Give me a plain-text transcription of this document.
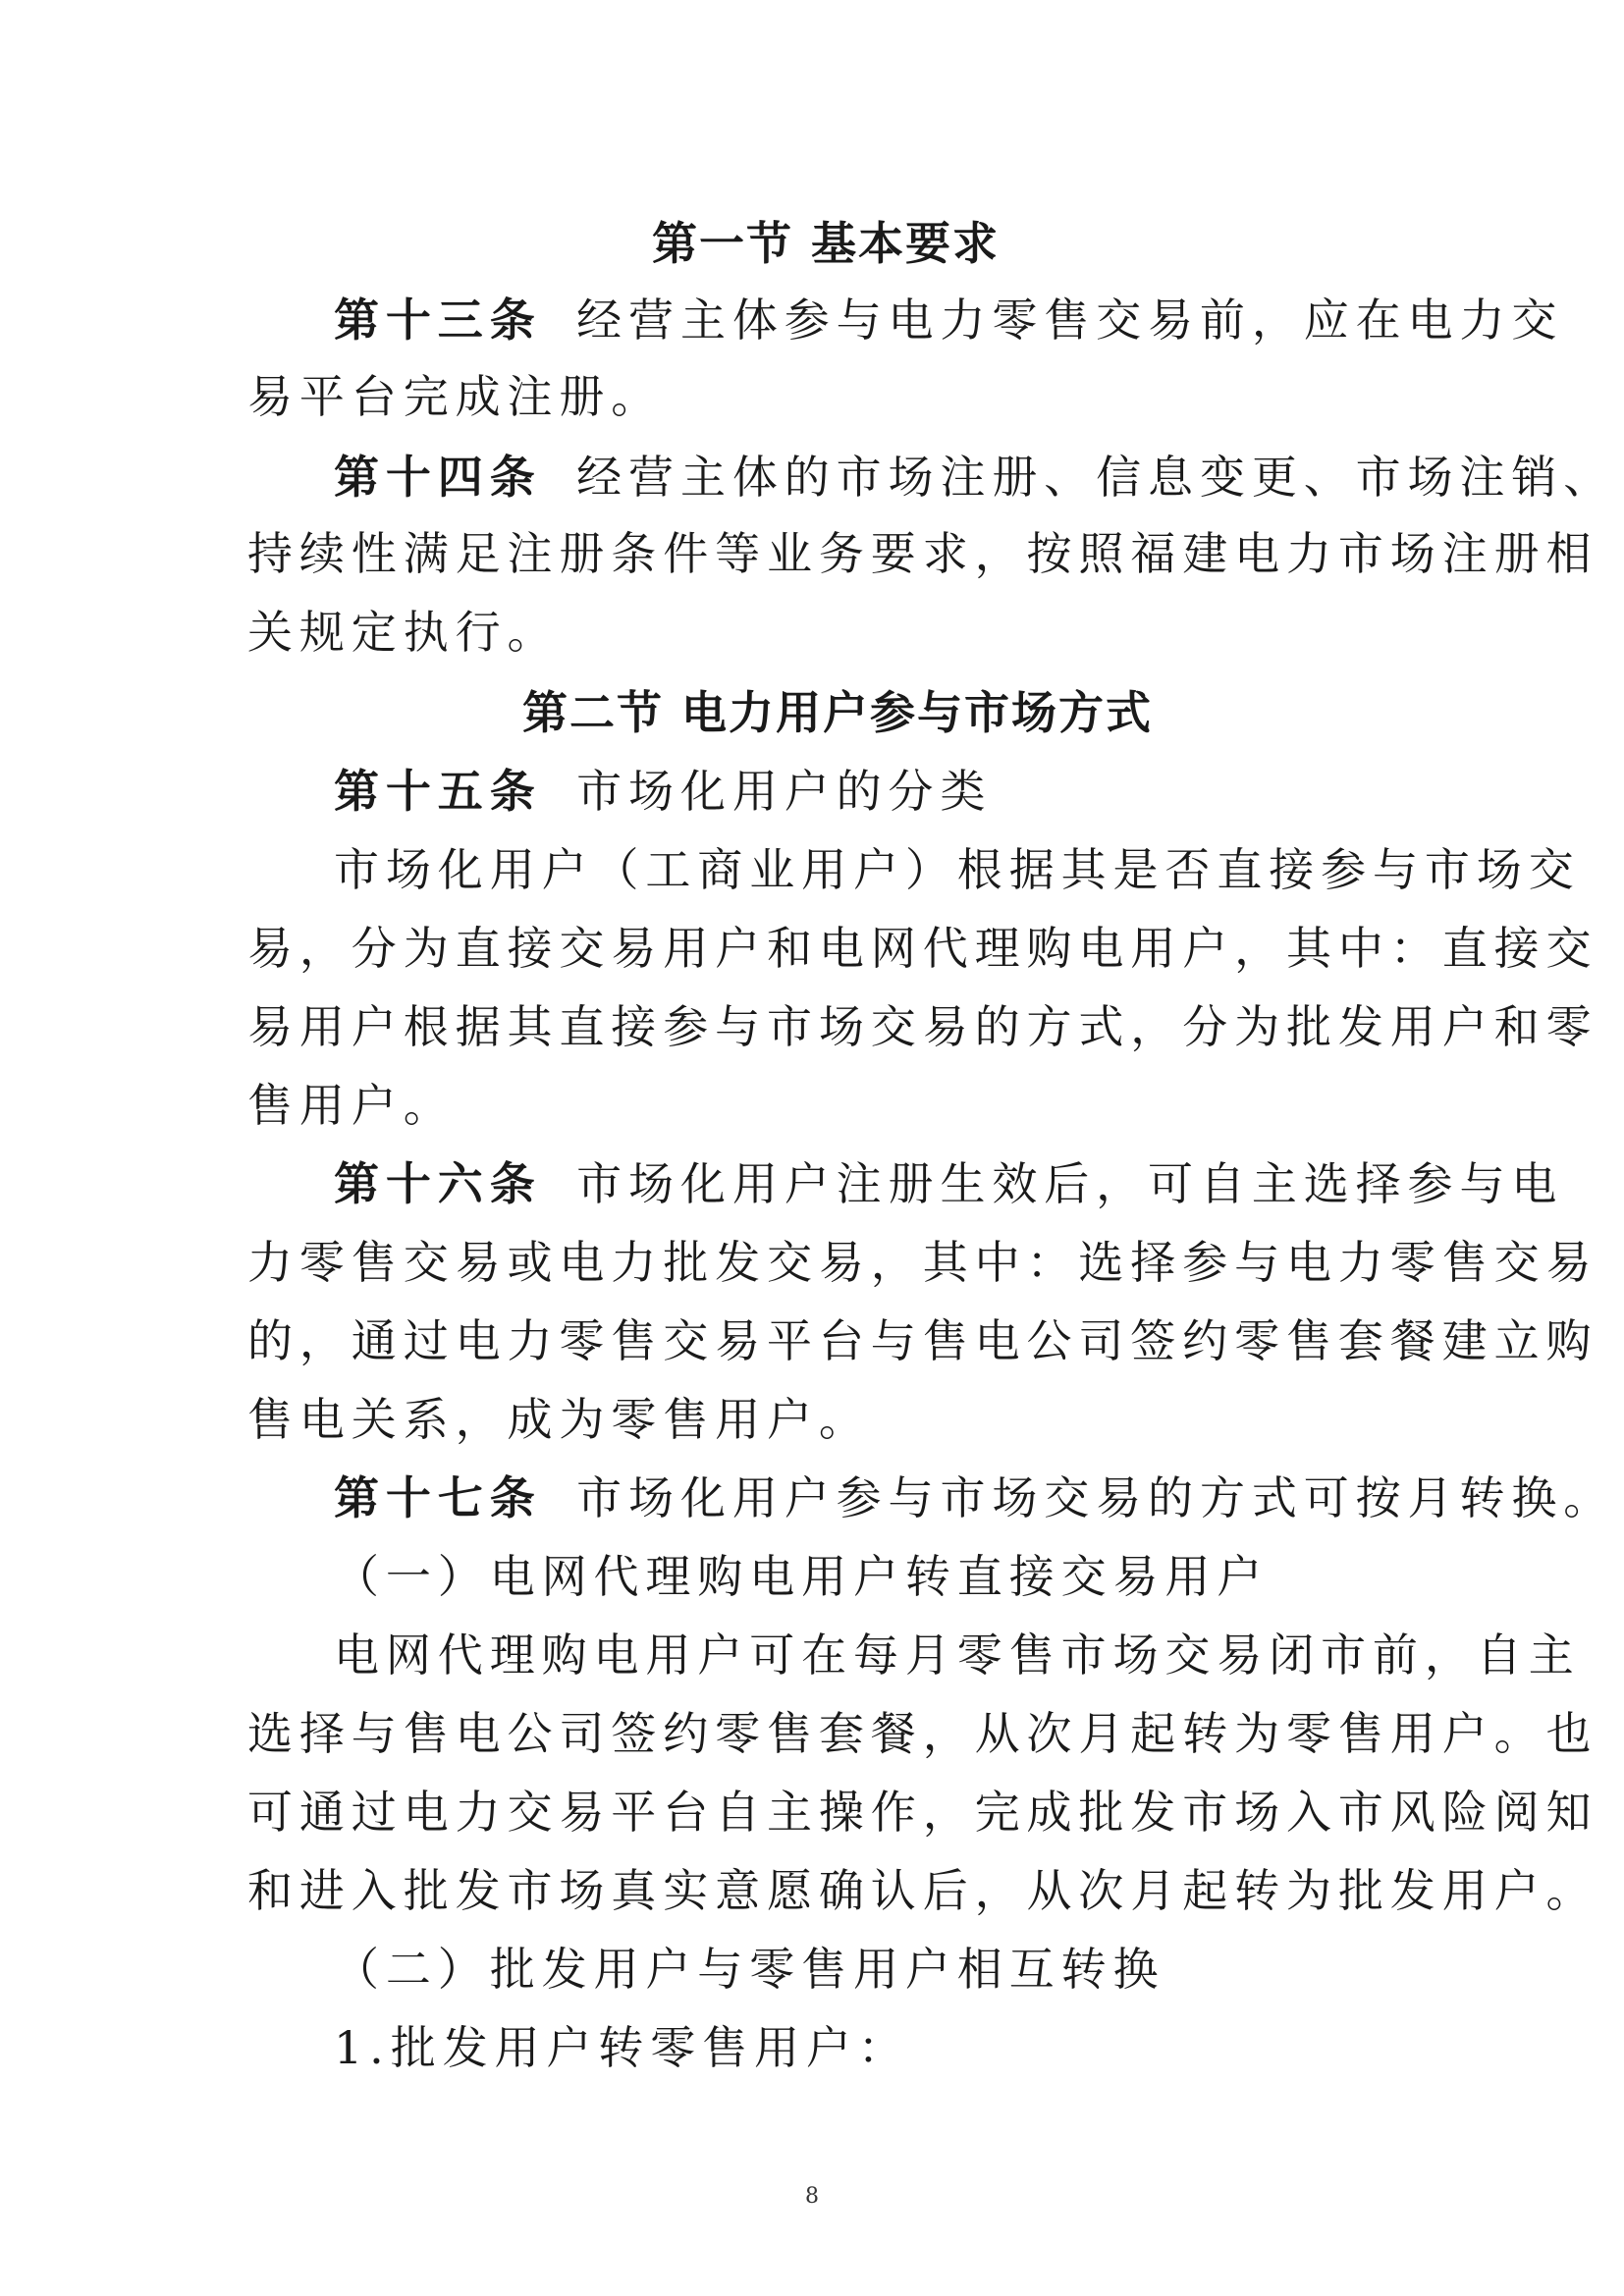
第一节 基本要求
第十三条 经营主体参与电力零售交易前，应在电力交
易平台完成注册。
第十四条 经营主体的市场注册、信息变更、市场注销、
持续性满足注册条件等业务要求，按照福建电力市场注册相
关规定执行。
第二节 电力用户参与市场方式
第十五条 市场化用户的分类
市场化用户（工商业用户）根据其是否直接参与市场交
易，分为直接交易用户和电网代理购电用户，其中：直接交
易用户根据其直接参与市场交易的方式，分为批发用户和零
售用户。
第十六条 市场化用户注册生效后，可自主选择参与电
力零售交易或电力批发交易，其中：选择参与电力零售交易
的，通过电力零售交易平台与售电公司签约零售套餐建立购
售电关系，成为零售用户。
第十七条 市场化用户参与市场交易的方式可按月转换。
（一）电网代理购电用户转直接交易用户
电网代理购电用户可在每月零售市场交易闭市前，自主
选择与售电公司签约零售套餐，从次月起转为零售用户。也
可通过电力交易平台自主操作，完成批发市场入市风险阅知
和进入批发市场真实意愿确认后，从次月起转为批发用户。
（二）批发用户与零售用户相互转换
1.批发用户转零售用户：
8
